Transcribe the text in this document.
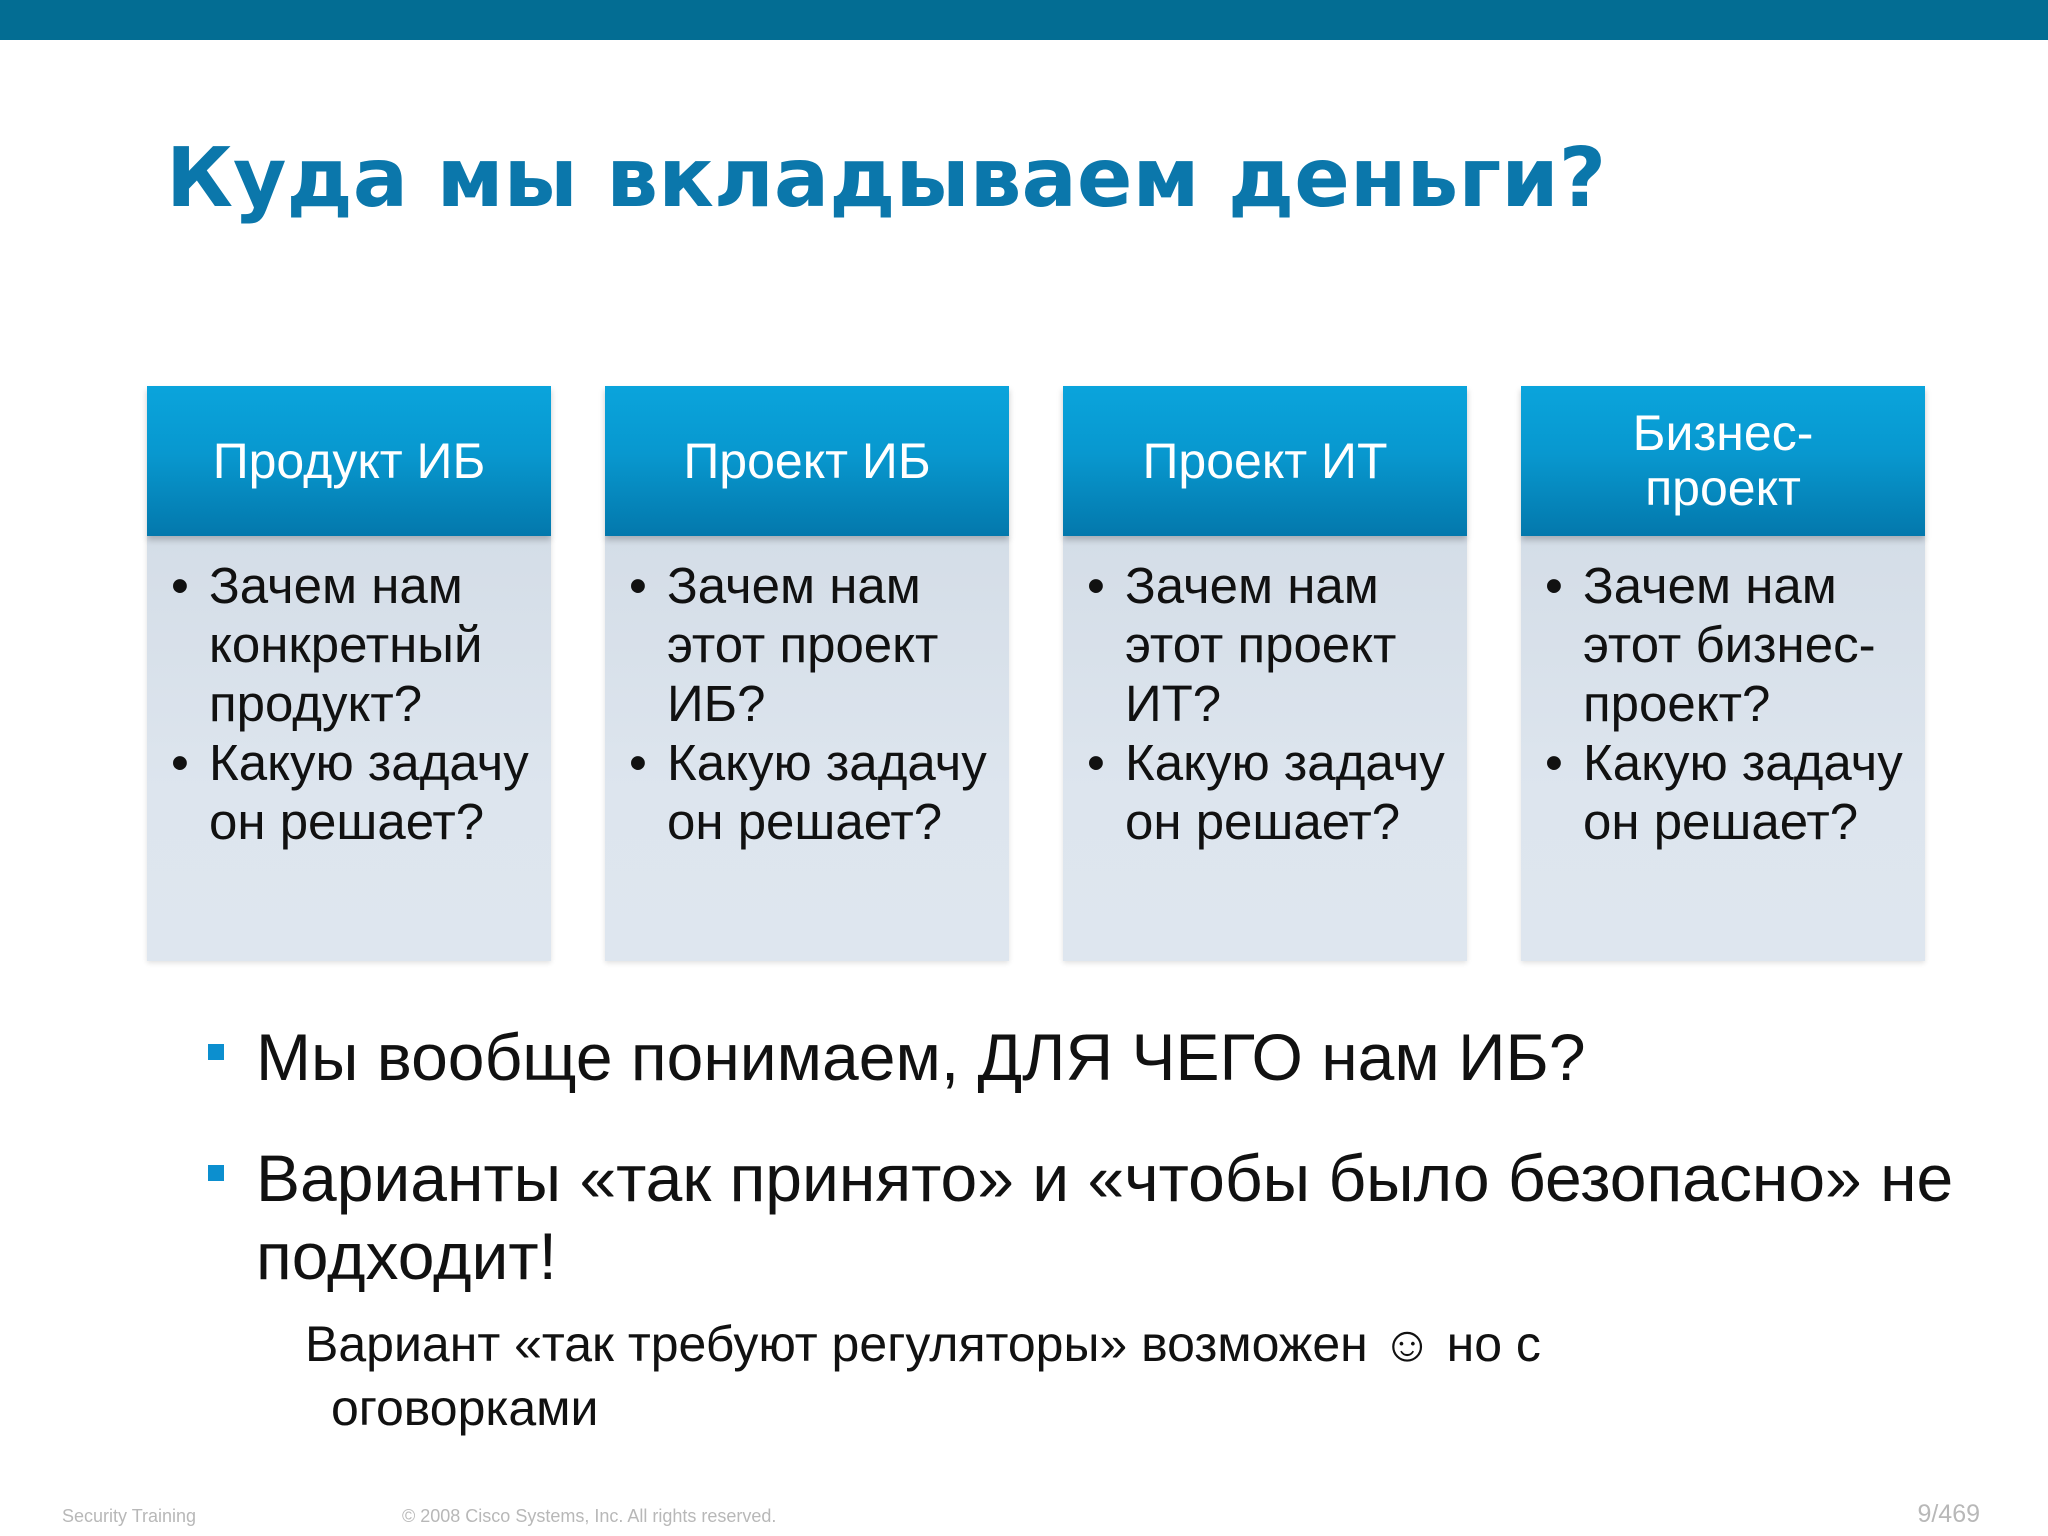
Куда мы вкладываем деньги?
Продукт ИБ
• Зачем нам конкретный продукт?
• Какую задачу он решает?
Проект ИБ
• Зачем нам этот проект ИБ?
• Какую задачу он решает?
Проект ИТ
• Зачем нам этот проект ИТ?
• Какую задачу он решает?
Бизнес-проект
• Зачем нам этот бизнес-проект?
• Какую задачу он решает?

Мы вообще понимаем, ДЛЯ ЧЕГО нам ИБ?

Варианты «так принято» и «чтобы было безопасно» не подходит!

Вариант «так требуют регуляторы» возможен ☺ но с
оговорками

Security Training	© 2008 Cisco Systems, Inc. All rights reserved.	9/469
